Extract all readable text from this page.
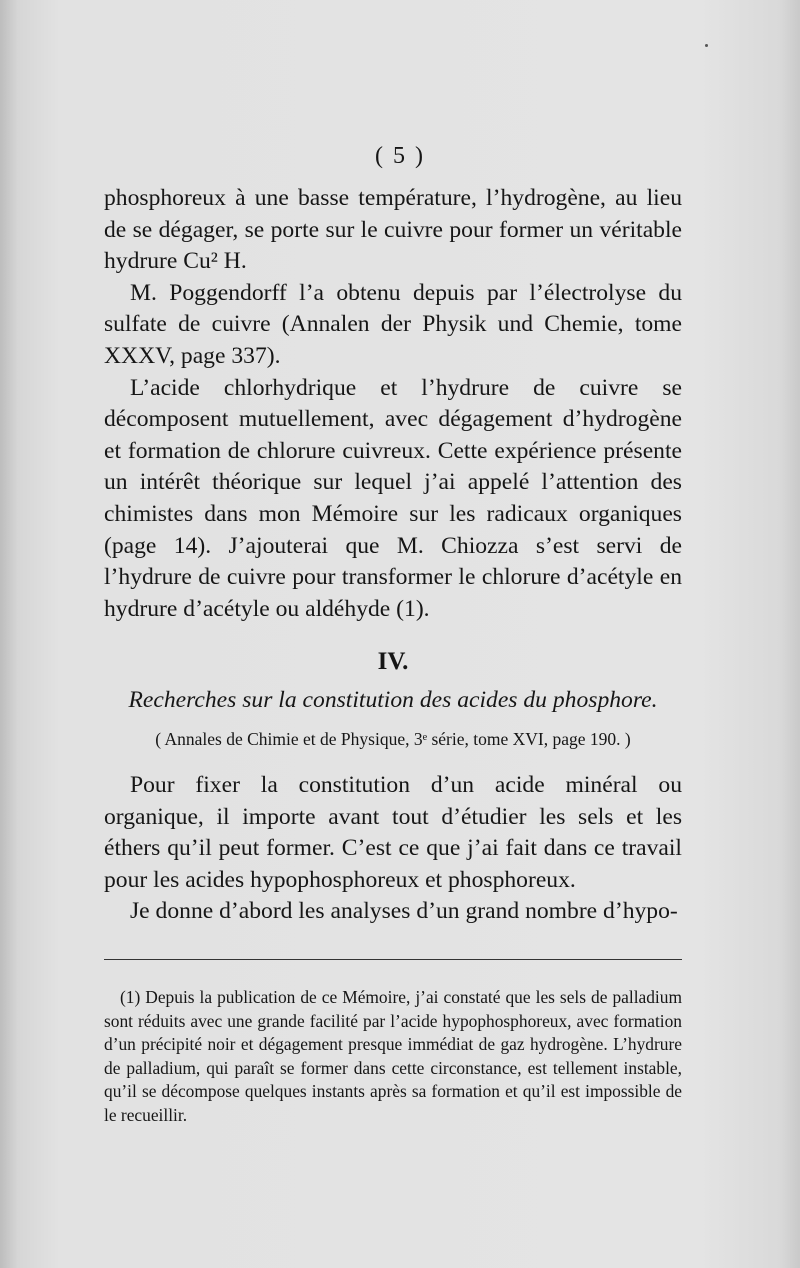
( 5 )

phosphoreux à une basse température, l’hydrogène, au lieu de se dégager, se porte sur le cuivre pour former un véritable hydrure Cu² H.

M. Poggendorff l’a obtenu depuis par l’électrolyse du sulfate de cuivre (Annalen der Physik und Chemie, tome XXXV, page 337).

L’acide chlorhydrique et l’hydrure de cuivre se décomposent mutuellement, avec dégagement d’hydrogène et formation de chlorure cuivreux. Cette expérience présente un intérêt théorique sur lequel j’ai appelé l’attention des chimistes dans mon Mémoire sur les radicaux organiques (page 14). J’ajouterai que M. Chiozza s’est servi de l’hydrure de cuivre pour transformer le chlorure d’acétyle en hydrure d’acétyle ou aldéhyde (1).

IV.
Recherches sur la constitution des acides du phosphore.
( Annales de Chimie et de Physique, 3ᵉ série, tome XVI, page 190. )

Pour fixer la constitution d’un acide minéral ou organique, il importe avant tout d’étudier les sels et les éthers qu’il peut former. C’est ce que j’ai fait dans ce travail pour les acides hypophosphoreux et phosphoreux.

Je donne d’abord les analyses d’un grand nombre d’hypo-

(1) Depuis la publication de ce Mémoire, j’ai constaté que les sels de palladium sont réduits avec une grande facilité par l’acide hypophosphoreux, avec formation d’un précipité noir et dégagement presque immédiat de gaz hydrogène. L’hydrure de palladium, qui paraît se former dans cette circonstance, est tellement instable, qu’il se décompose quelques instants après sa formation et qu’il est impossible de le recueillir.
